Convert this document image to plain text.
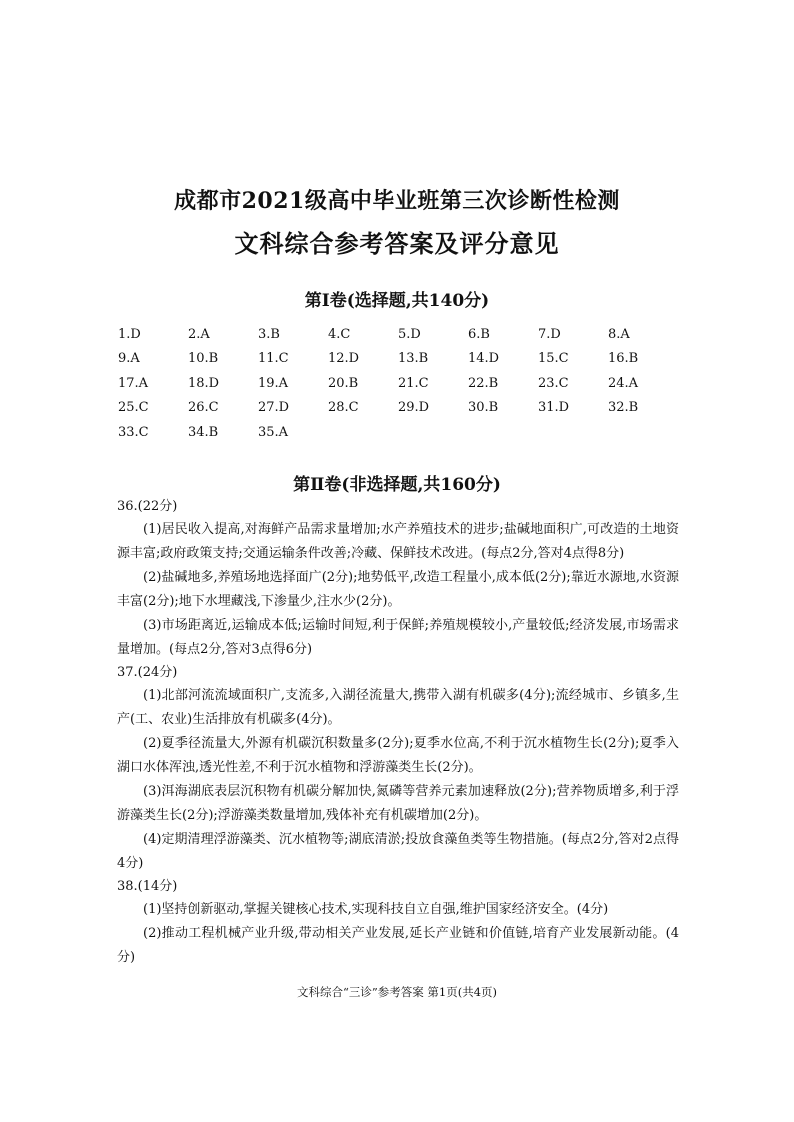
成都市2021级高中毕业班第三次诊断性检测
文科综合参考答案及评分意见
第Ⅰ卷(选择题,共140分)
1.D	2.A	3.B	4.C	5.D	6.B	7.D	8.A
9.A	10.B	11.C	12.D	13.B	14.D	15.C	16.B
17.A	18.D	19.A	20.B	21.C	22.B	23.C	24.A
25.C	26.C	27.D	28.C	29.D	30.B	31.D	32.B
33.C	34.B	35.A
第Ⅱ卷(非选择题,共160分)

36.(22分)

(1)居民收入提高,对海鲜产品需求量增加;水产养殖技术的进步;盐碱地面积广,可改造的土地资源丰富;政府政策支持;交通运输条件改善;冷藏、保鲜技术改进。(每点2分,答对4点得8分)

(2)盐碱地多,养殖场地选择面广(2分);地势低平,改造工程量小,成本低(2分);靠近水源地,水资源丰富(2分);地下水埋藏浅,下渗量少,注水少(2分)。

(3)市场距离近,运输成本低;运输时间短,利于保鲜;养殖规模较小,产量较低;经济发展,市场需求量增加。(每点2分,答对3点得6分)

37.(24分)

(1)北部河流流域面积广,支流多,入湖径流量大,携带入湖有机碳多(4分);流经城市、乡镇多,生产(工、农业)生活排放有机碳多(4分)。

(2)夏季径流量大,外源有机碳沉积数量多(2分);夏季水位高,不利于沉水植物生长(2分);夏季入湖口水体浑浊,透光性差,不利于沉水植物和浮游藻类生长(2分)。

(3)洱海湖底表层沉积物有机碳分解加快,氮磷等营养元素加速释放(2分);营养物质增多,利于浮游藻类生长(2分);浮游藻类数量增加,残体补充有机碳增加(2分)。

(4)定期清理浮游藻类、沉水植物等;湖底清淤;投放食藻鱼类等生物措施。(每点2分,答对2点得4分)

38.(14分)

(1)坚持创新驱动,掌握关键核心技术,实现科技自立自强,维护国家经济安全。(4分)

(2)推动工程机械产业升级,带动相关产业发展,延长产业链和价值链,培育产业发展新动能。(4分)

文科综合“三诊”参考答案 第1页(共4页)
